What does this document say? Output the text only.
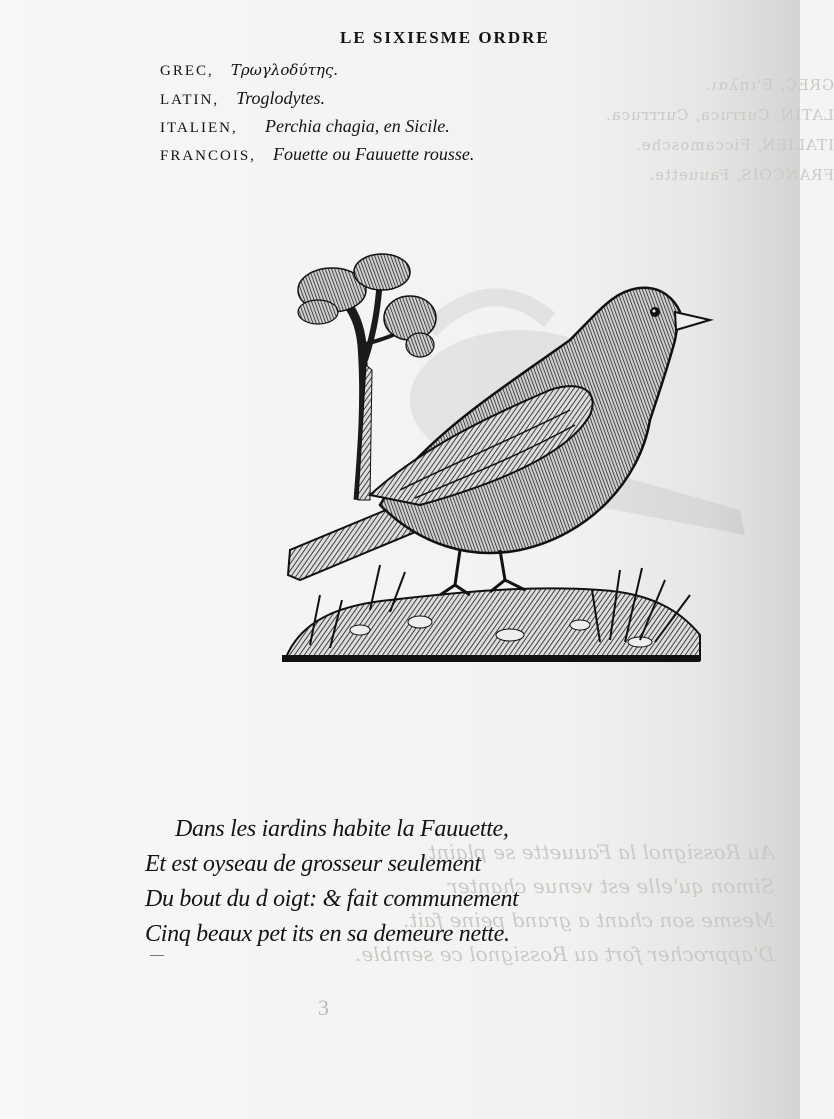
GREC, Ε'ιπλαι.
LATIN, Curruca, Currruca.
ITALIEN, Ficcamosche.
FRANCOIS, Fauuette.
Au Rossignol la Fauuette se plaint,
Simon qu'elle est venue chanter
Mesme son chant a grand peine fait.
D'approcher fort au Rossignol ce semble.
LE SIXIESME ORDRE
GREC,
Τρωγλοδύτης.
LATIN,
Troglodytes.
ITALIEN,
Perchia chagia, en Sicile.
FRANCOIS,
Fouette ou Fauuette rousse.
Dans les iardins habite la Fauuette,
Et est oyseau de grosseur seulement
Du bout du d oigt: & fait communement
Cinq beaux pet its en sa demeure nette.
3
